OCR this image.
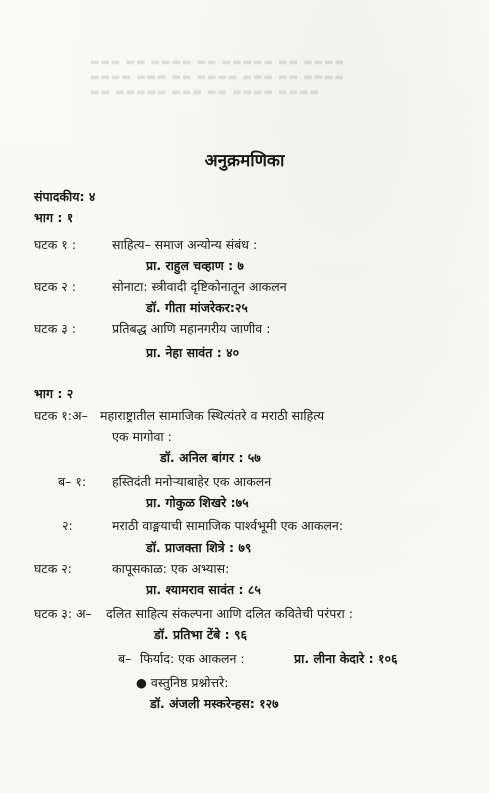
▬▬▬ ▬▬ ▬▬▬▬ ▬▬ ▬▬▬▬▬ ▬▬ ▬▬▬▬
▬▬▬▬ ▬▬▬ ▬▬ ▬▬▬▬ ▬▬▬ ▬▬ ▬▬▬▬
▬▬ ▬▬▬▬▬ ▬▬▬ ▬▬ ▬▬▬▬ ▬▬▬▬
अनुक्रमणिका
संपादकीय: ४
भाग : १
घटक १ :	साहित्य– समाज अन्योन्य संबंध :
प्रा. राहुल चव्हाण : ७
घटक २ :	सोनाटा: स्त्रीवादी दृष्टिकोनातून आकलन
डॉ. गीता मांजरेकर:२५
घटक ३ :	प्रतिबद्ध आणि महानगरीय जाणीव :
प्रा. नेहा सावंत : ४०
भाग : २
घटक १:अ– महाराष्ट्रातील सामाजिक स्थित्यंतरे व मराठी साहित्य
एक मागोवा :
डॉ. अनिल बांगर : ५७
ब– १: हस्तिदंती मनोऱ्याबाहेर एक आकलन
प्रा. गोकुळ शिखरे :७५
२:	मराठी वाङ्मयाची सामाजिक पार्श्वभूमी एक आकलन:
डॉ. प्राजक्ता शित्रे : ७९
घटक २:	कापूसकाळ: एक अभ्यास:
प्रा. श्यामराव सावंत : ८५
घटक ३: अ– दलित साहित्य संकल्पना आणि दलित कवितेची परंपरा :
डॉ. प्रतिभा टेंबे : ९६
ब– फिर्याद: एक आकलन :	प्रा. लीना केदारे : १०६
● वस्तुनिष्ठ प्रश्नोत्तरे:
डॉ. अंजली मस्करेन्हस: १२७
